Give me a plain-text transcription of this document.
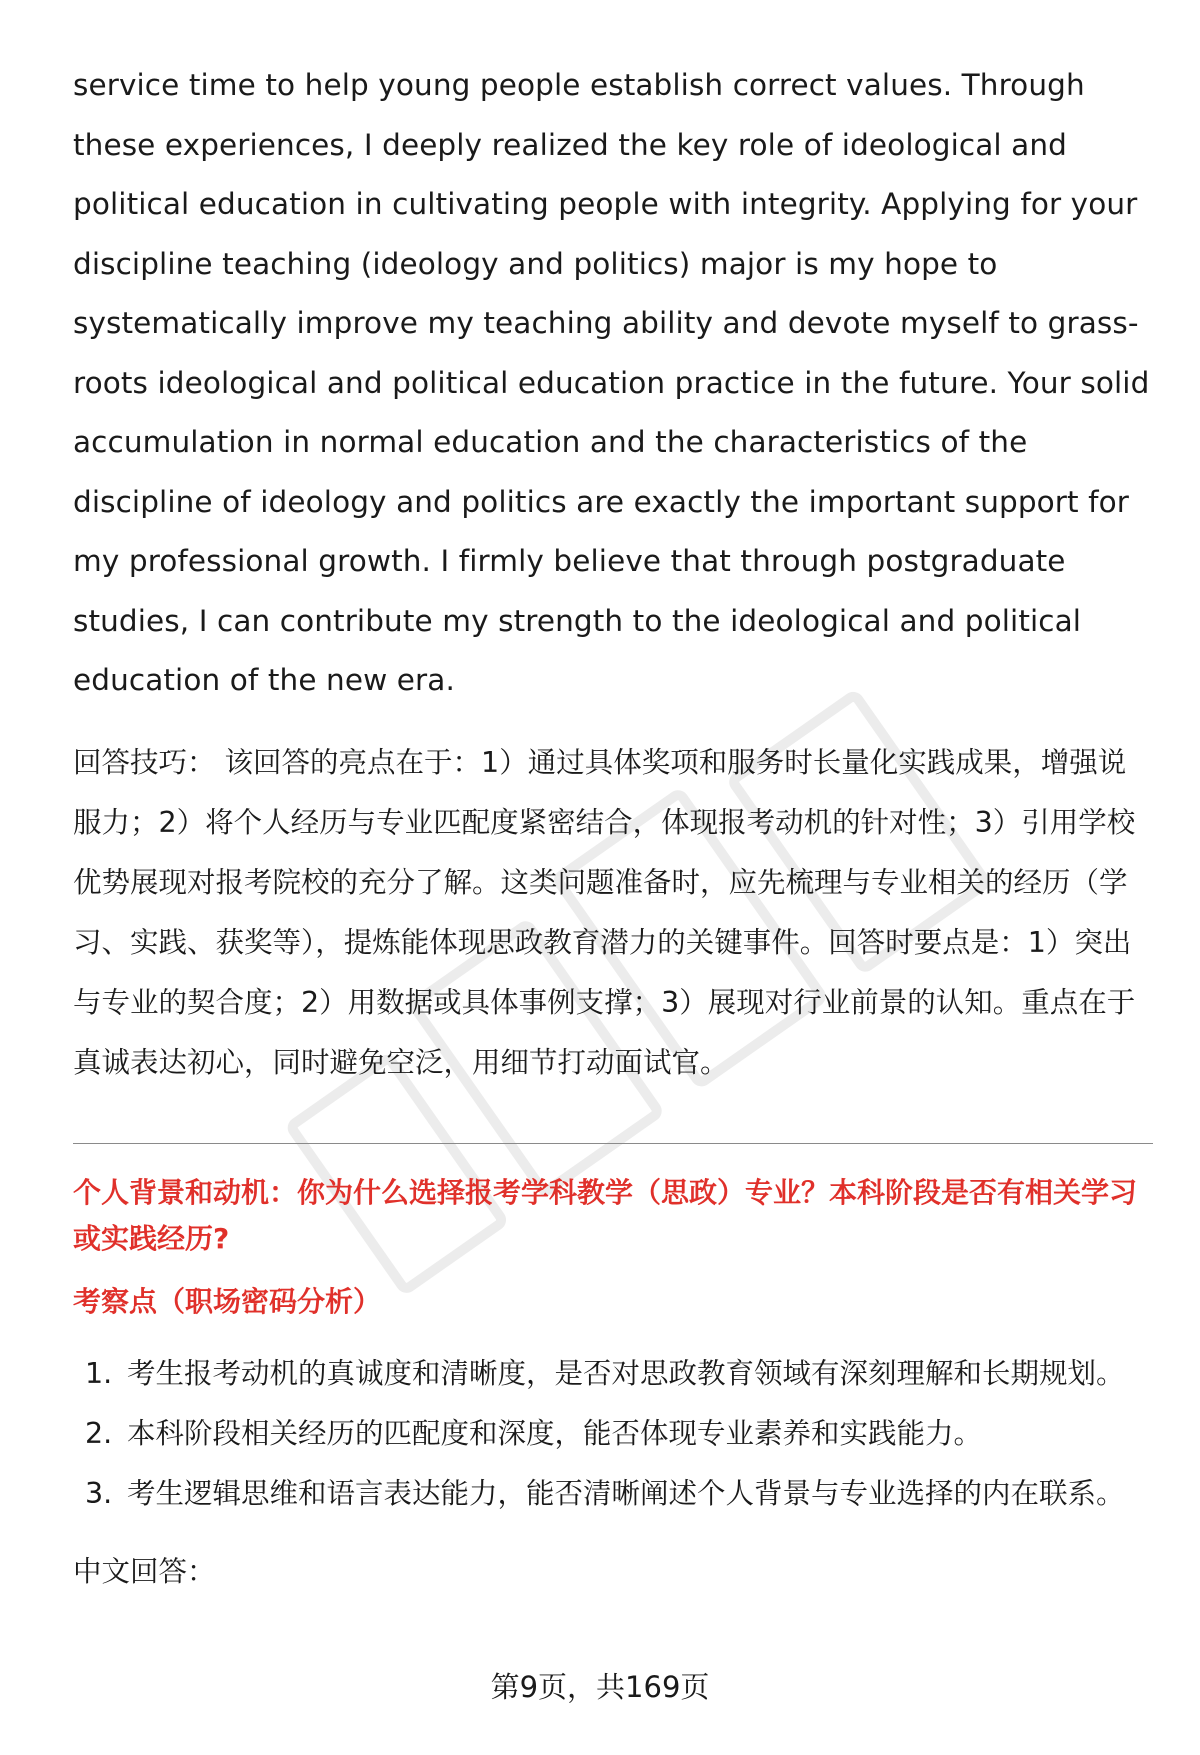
service time to help young people establish correct values. Through these experiences, I deeply realized the key role of ideological and political education in cultivating people with integrity. Applying for your discipline teaching (ideology and politics) major is my hope to systematically improve my teaching ability and devote myself to grass-roots ideological and political education practice in the future. Your solid accumulation in normal education and the characteristics of the discipline of ideology and politics are exactly the important support for my professional growth. I firmly believe that through postgraduate studies, I can contribute my strength to the ideological and political education of the new era.

回答技巧： 该回答的亮点在于：1）通过具体奖项和服务时长量化实践成果，增强说服力；2）将个人经历与专业匹配度紧密结合，体现报考动机的针对性；3）引用学校优势展现对报考院校的充分了解。这类问题准备时，应先梳理与专业相关的经历（学习、实践、获奖等），提炼能体现思政教育潜力的关键事件。回答时要点是：1）突出与专业的契合度；2）用数据或具体事例支撑；3）展现对行业前景的认知。重点在于真诚表达初心，同时避免空泛，用细节打动面试官。

个人背景和动机：你为什么选择报考学科教学（思政）专业？本科阶段是否有相关学习或实践经历?
考察点（职场密码分析）
1. 考生报考动机的真诚度和清晰度，是否对思政教育领域有深刻理解和长期规划。
2. 本科阶段相关经历的匹配度和深度，能否体现专业素养和实践能力。
3. 考生逻辑思维和语言表达能力，能否清晰阐述个人背景与专业选择的内在联系。
中文回答：
第9页，共169页
